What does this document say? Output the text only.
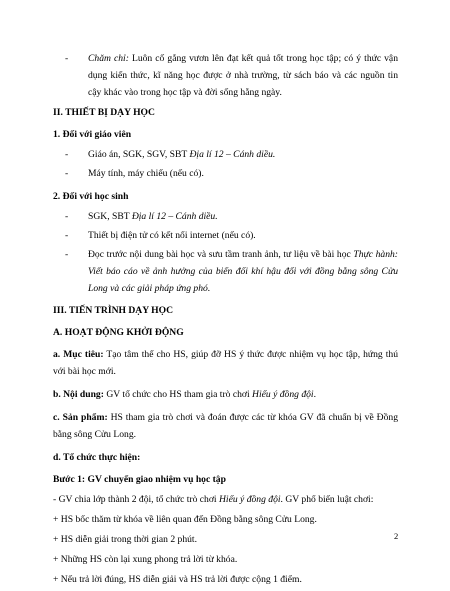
- Chăm chỉ: Luôn cố gắng vươn lên đạt kết quả tốt trong học tập; có ý thức vận dụng kiến thức, kĩ năng học được ở nhà trường, từ sách báo và các nguồn tin cậy khác vào trong học tập và đời sống hằng ngày.
II. THIẾT BỊ DẠY HỌC
1. Đối với giáo viên
- Giáo án, SGK, SGV, SBT Địa lí 12 – Cánh diều.
- Máy tính, máy chiếu (nếu có).
2. Đối với học sinh
- SGK, SBT Địa lí 12 – Cánh diều.
- Thiết bị điện tử có kết nối internet (nếu có).
- Đọc trước nội dung bài học và sưu tầm tranh ảnh, tư liệu về bài học Thực hành: Viết báo cáo về ảnh hưởng của biến đổi khí hậu đối với đồng bằng sông Cửu Long và các giải pháp ứng phó.
III. TIẾN TRÌNH DẠY HỌC
A. HOẠT ĐỘNG KHỞI ĐỘNG
a. Mục tiêu: Tạo tâm thế cho HS, giúp đỡ HS ý thức được nhiệm vụ học tập, hứng thú với bài học mới.
b. Nội dung: GV tổ chức cho HS tham gia trò chơi Hiểu ý đồng đội.
c. Sản phẩm: HS tham gia trò chơi và đoán được các từ khóa GV đã chuẩn bị về Đồng bằng sông Cửu Long.
d. Tổ chức thực hiện:
Bước 1: GV chuyển giao nhiệm vụ học tập
- GV chia lớp thành 2 đội, tổ chức trò chơi Hiểu ý đồng đội. GV phổ biến luật chơi:
+ HS bốc thăm từ khóa về liên quan đến Đồng bằng sông Cửu Long.
+ HS diễn giải trong thời gian 2 phút.
+ Những HS còn lại xung phong trả lời từ khóa.
+ Nếu trả lời đúng, HS diễn giải và HS trả lời được cộng 1 điểm.
2
